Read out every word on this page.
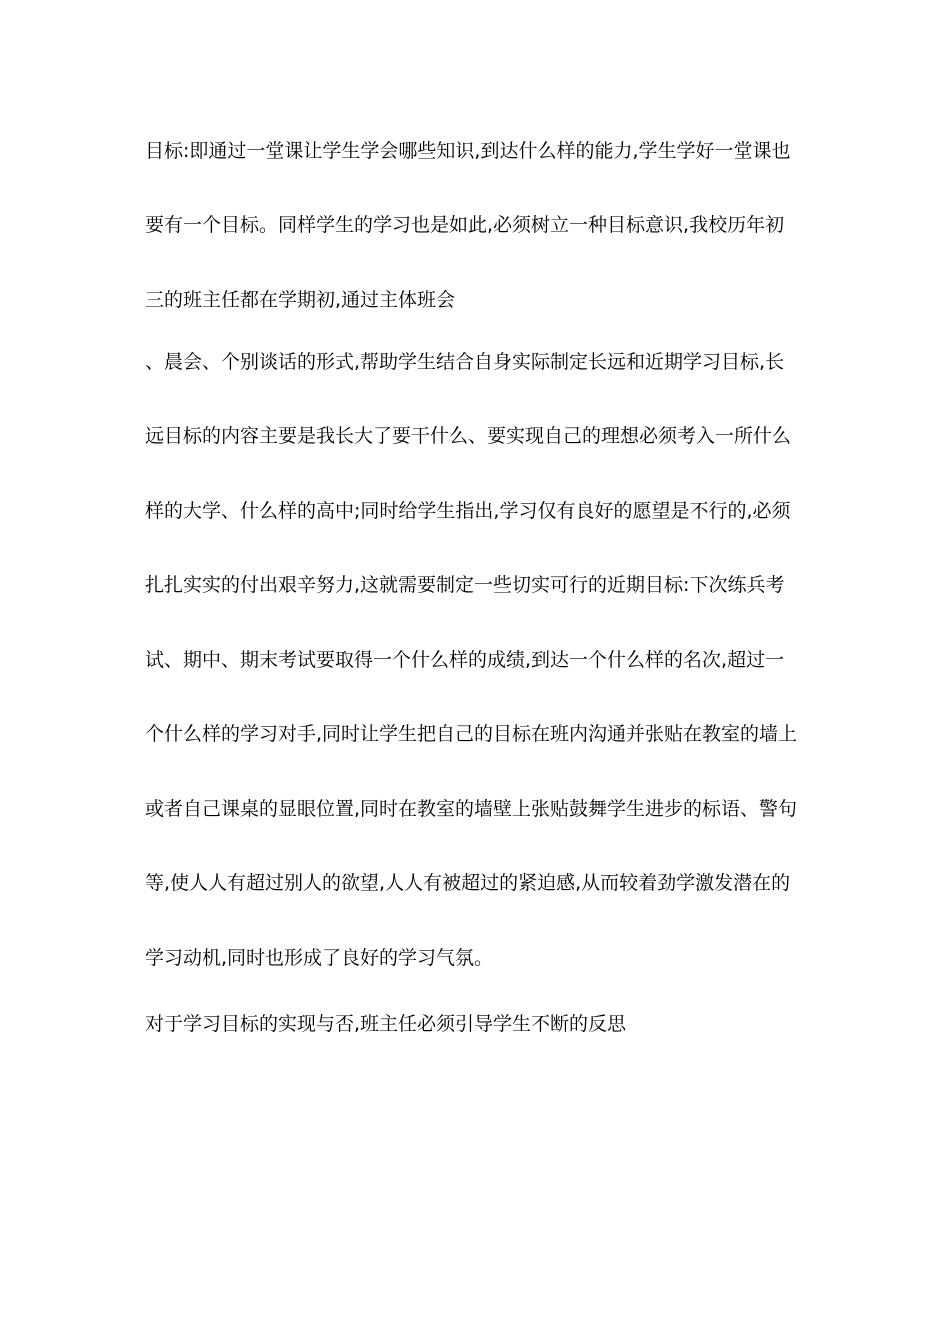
目标:即通过一堂课让学生学会哪些知识,到达什么样的能力,学生学好一堂课也
要有一个目标。同样学生的学习也是如此,必须树立一种目标意识,我校历年初
三的班主任都在学期初,通过主体班会
、晨会、个别谈话的形式,帮助学生结合自身实际制定长远和近期学习目标,长
远目标的内容主要是我长大了要干什么、要实现自己的理想必须考入一所什么
样的大学、什么样的高中;同时给学生指出,学习仅有良好的愿望是不行的,必须
扎扎实实的付出艰辛努力,这就需要制定一些切实可行的近期目标:下次练兵考
试、期中、期末考试要取得一个什么样的成绩,到达一个什么样的名次,超过一
个什么样的学习对手,同时让学生把自己的目标在班内沟通并张贴在教室的墙上
或者自己课桌的显眼位置,同时在教室的墙壁上张贴鼓舞学生进步的标语、警句
等,使人人有超过别人的欲望,人人有被超过的紧迫感,从而较着劲学激发潜在的
学习动机,同时也形成了良好的学习气氛。
对于学习目标的实现与否,班主任必须引导学生不断的反思
